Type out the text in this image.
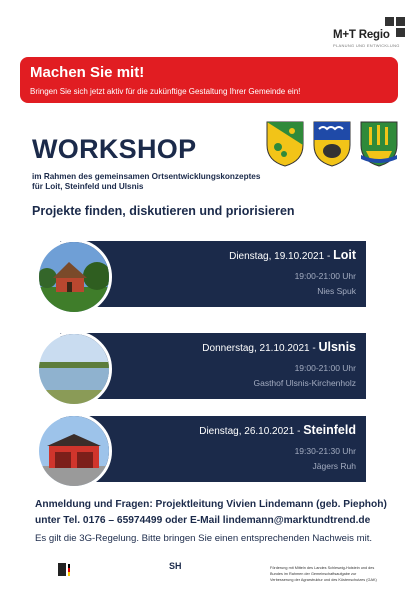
M+T Regio
PLANUNG UND ENTWICKLUNG
Machen Sie mit!
Bringen Sie sich jetzt aktiv für die zukünftige Gestaltung Ihrer Gemeinde ein!
WORKSHOP
im Rahmen des gemeinsamen Ortsentwicklungskonzeptes
für Loit, Steinfeld und Ulsnis
Projekte finden, diskutieren und priorisieren
Dienstag, 19.10.2021 - Loit
19:00-21:00 Uhr
Nies Spuk
Donnerstag, 21.10.2021 - Ulsnis
19:00-21:00 Uhr
Gasthof Ulsnis-Kirchenholz
Dienstag, 26.10.2021 - Steinfeld
19:30-21:30 Uhr
Jägers Ruh
Anmeldung und Fragen: Projektleitung Vivien Lindemann (geb. Piephoh)
unter Tel. 0176 – 65974499 oder E-Mail lindemann@marktundtrend.de
Es gilt die 3G-Regelung. Bitte bringen Sie einen entsprechenden Nachweis mit.
SH	Förderung mit Mitteln des Landes Schleswig-Holstein und des Bundes im Rahmen der Gemeinschaftsaufgabe zur Verbesserung der Agrarstruktur und des Küstenschutzes (GAK)
